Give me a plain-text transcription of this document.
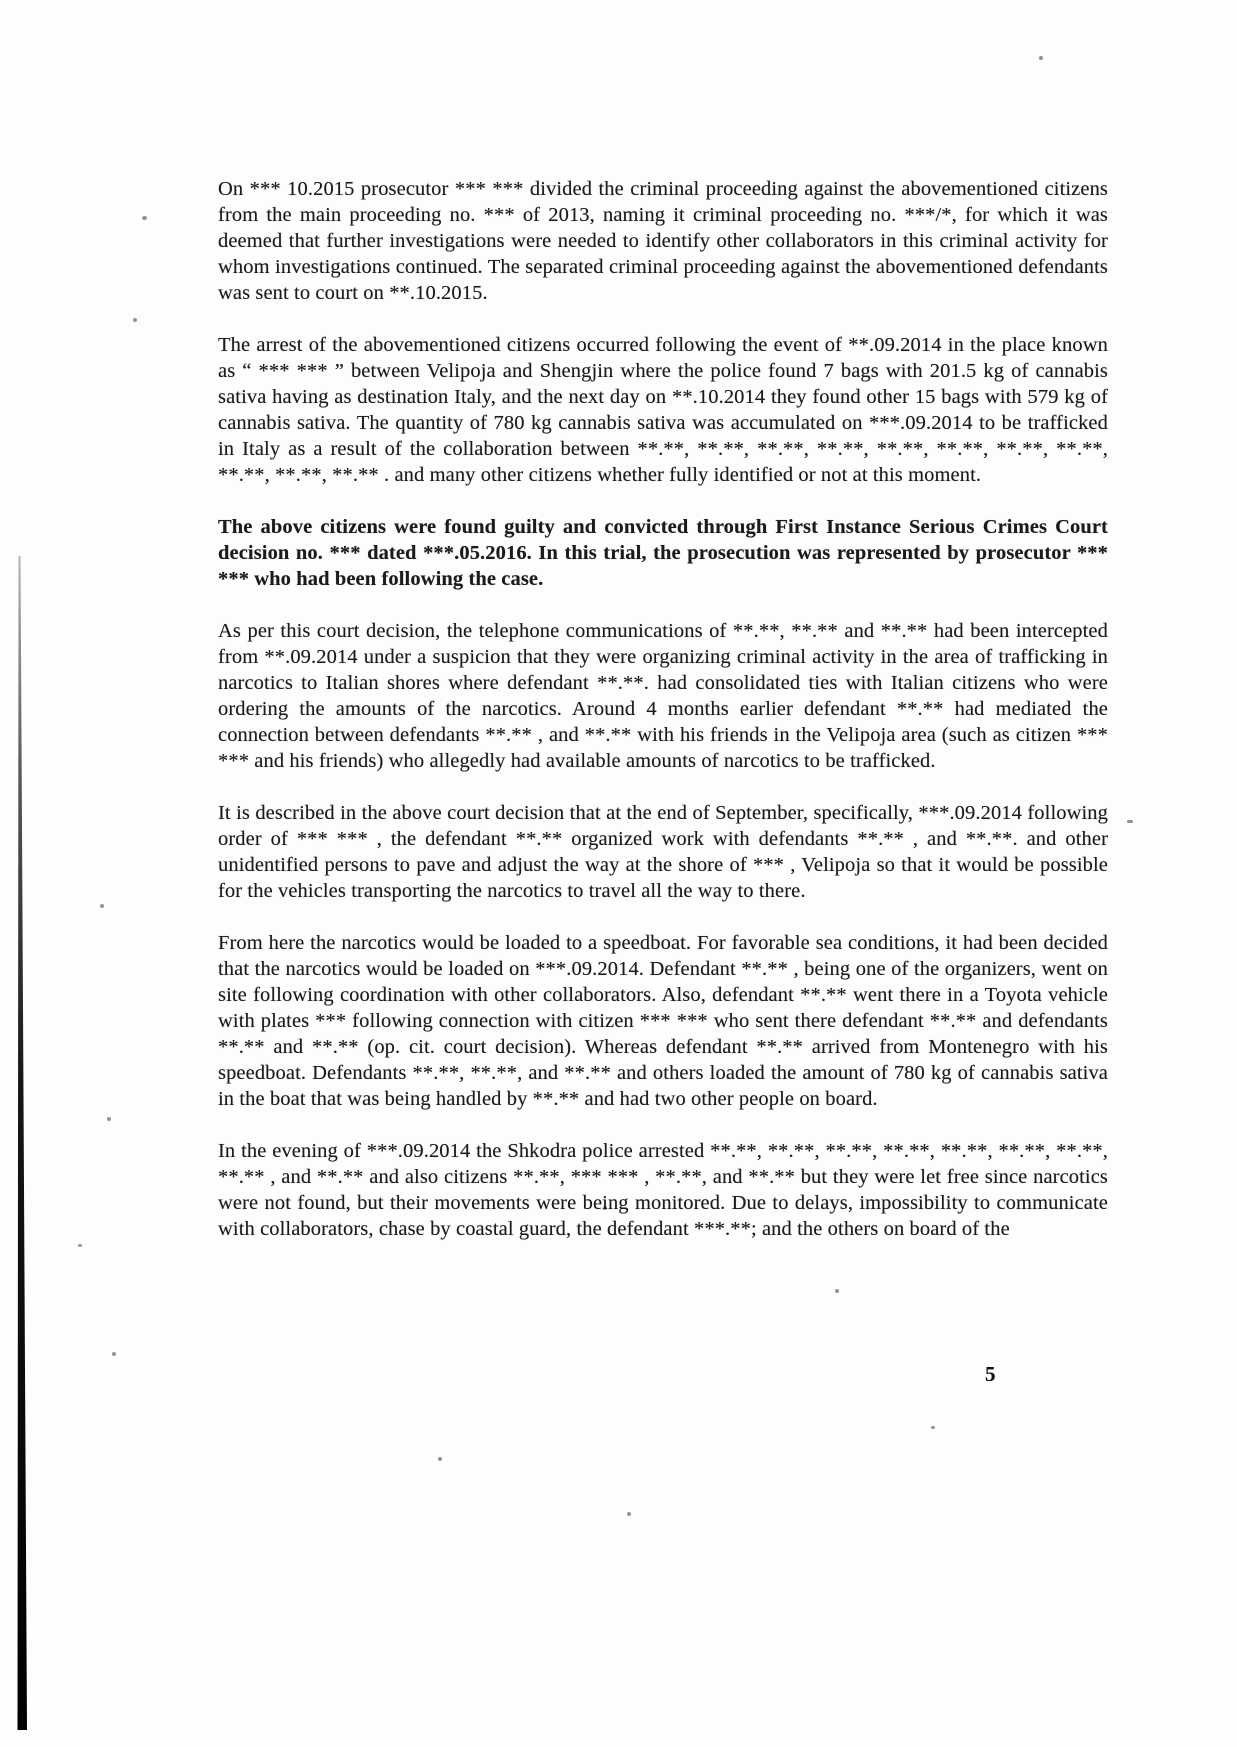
On *** 10.2015 prosecutor *** *** divided the criminal proceeding against the abovementioned citizens from the main proceeding no. *** of 2013, naming it criminal proceeding no. ***/*, for which it was deemed that further investigations were needed to identify other collaborators in this criminal activity for whom investigations continued. The separated criminal proceeding against the abovementioned defendants was sent to court on **.10.2015.

The arrest of the abovementioned citizens occurred following the event of **.09.2014 in the place known as “ *** *** ” between Velipoja and Shengjin where the police found 7 bags with 201.5 kg of cannabis sativa having as destination Italy, and the next day on **.10.2014 they found other 15 bags with 579 kg of cannabis sativa. The quantity of 780 kg cannabis sativa was accumulated on ***.09.2014 to be trafficked in Italy as a result of the collaboration between **.**, **.**, **.**, **.**, **.**, **.**, **.**, **.**, **.**, **.**, **.** . and many other citizens whether fully identified or not at this moment.

The above citizens were found guilty and convicted through First Instance Serious Crimes Court decision no. *** dated ***.05.2016. In this trial, the prosecution was represented by prosecutor *** *** who had been following the case.

As per this court decision, the telephone communications of **.**, **.** and **.** had been intercepted from **.09.2014 under a suspicion that they were organizing criminal activity in the area of trafficking in narcotics to Italian shores where defendant **.**. had consolidated ties with Italian citizens who were ordering the amounts of the narcotics. Around 4 months earlier defendant **.** had mediated the connection between defendants **.** , and **.** with his friends in the Velipoja area (such as citizen *** *** and his friends) who allegedly had available amounts of narcotics to be trafficked.

It is described in the above court decision that at the end of September, specifically, ***.09.2014 following order of *** *** , the defendant **.** organized work with defendants **.** , and **.**. and other unidentified persons to pave and adjust the way at the shore of *** , Velipoja so that it would be possible for the vehicles transporting the narcotics to travel all the way to there.

From here the narcotics would be loaded to a speedboat. For favorable sea conditions, it had been decided that the narcotics would be loaded on ***.09.2014. Defendant **.** , being one of the organizers, went on site following coordination with other collaborators. Also, defendant **.** went there in a Toyota vehicle with plates *** following connection with citizen *** *** who sent there defendant **.** and defendants **.** and **.** (op. cit. court decision). Whereas defendant **.** arrived from Montenegro with his speedboat. Defendants **.**, **.**, and **.** and others loaded the amount of 780 kg of cannabis sativa in the boat that was being handled by **.** and had two other people on board.

In the evening of ***.09.2014 the Shkodra police arrested **.**, **.**, **.**, **.**, **.**, **.**, **.**, **.** , and **.** and also citizens **.**, *** *** , **.**, and **.** but they were let free since narcotics were not found, but their movements were being monitored. Due to delays, impossibility to communicate with collaborators, chase by coastal guard, the defendant ***.**; and the others on board of the

5
